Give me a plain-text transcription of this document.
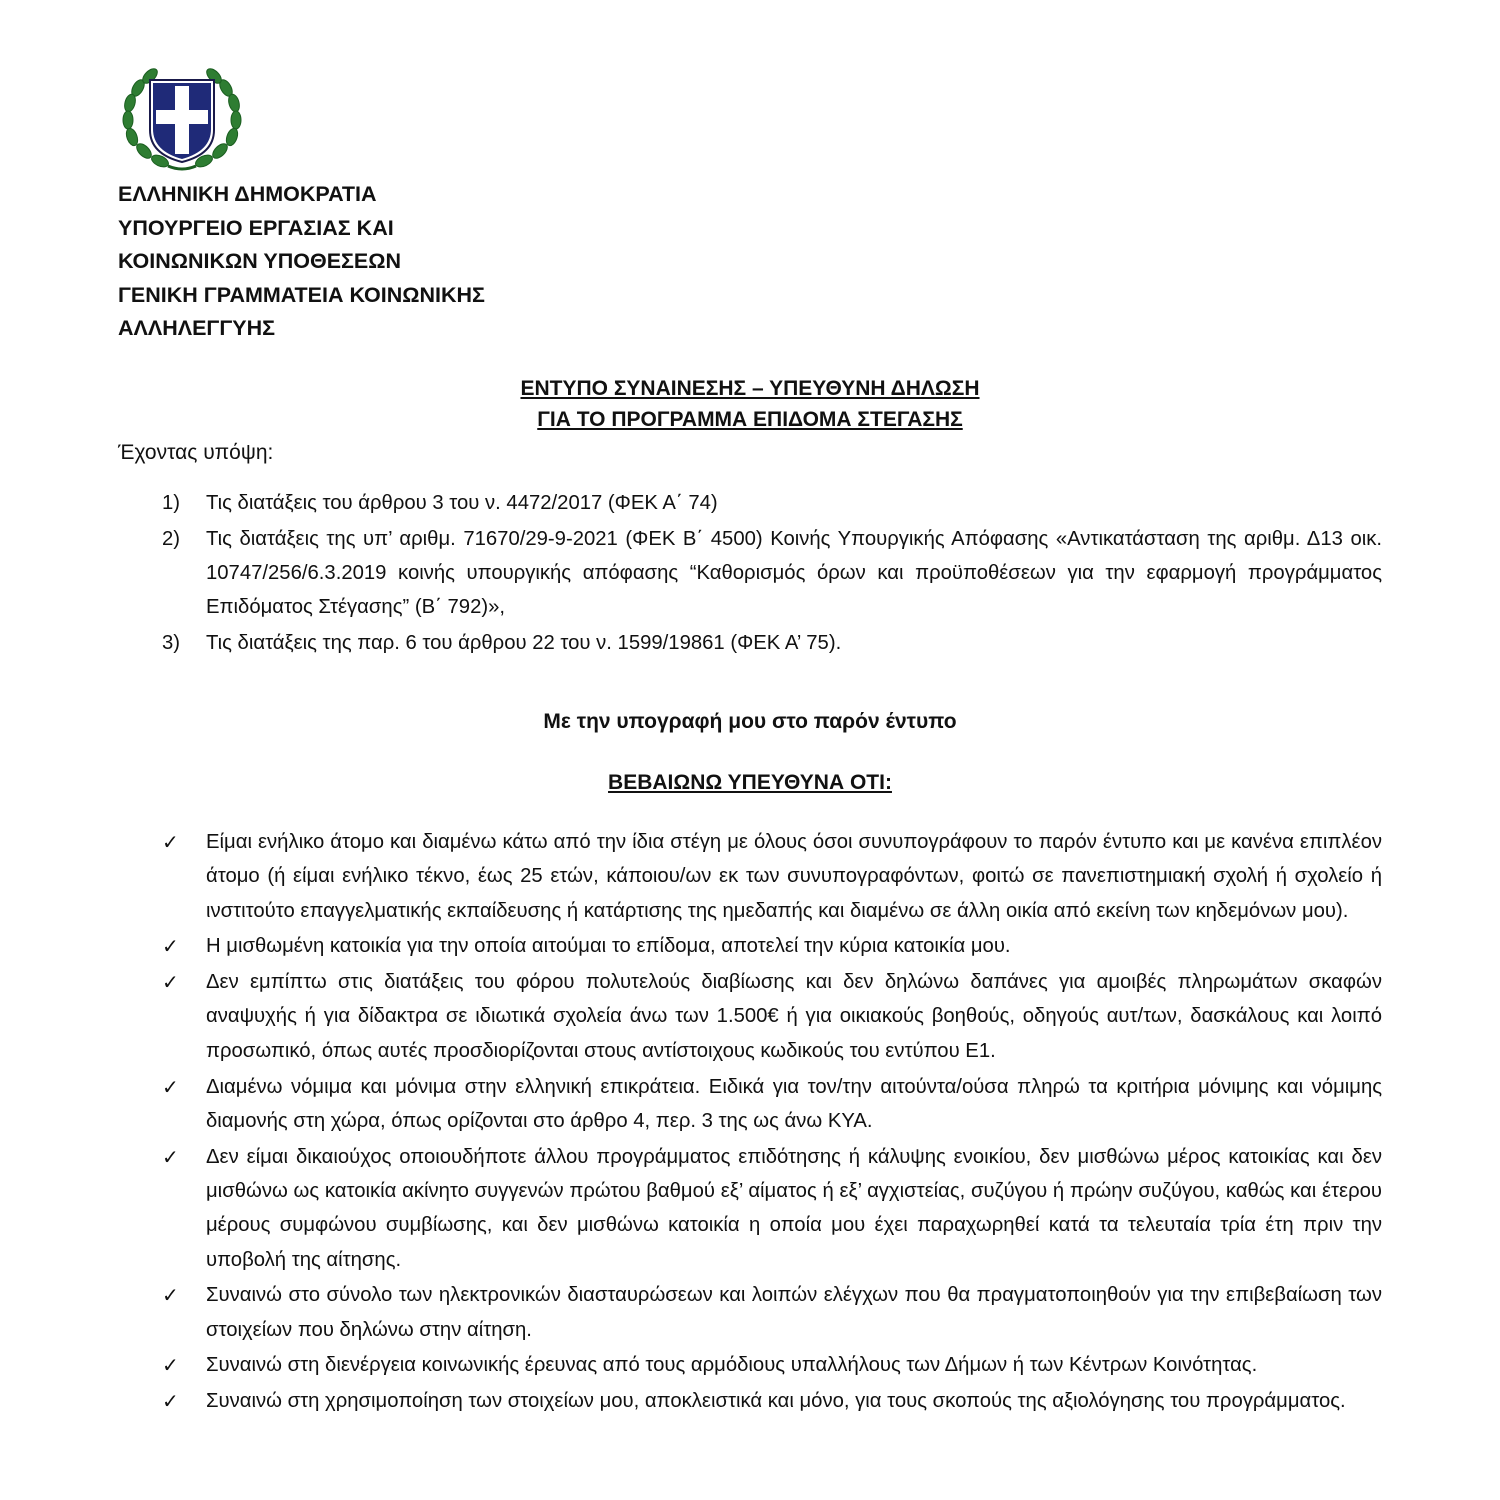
ΕΛΛΗΝΙΚΗ ΔΗΜΟΚΡΑΤΙΑ
ΥΠΟΥΡΓΕΙΟ ΕΡΓΑΣΙΑΣ ΚΑΙ
ΚΟΙΝΩΝΙΚΩΝ ΥΠΟΘΕΣΕΩΝ
ΓΕΝΙΚΗ ΓΡΑΜΜΑΤΕΙΑ ΚΟΙΝΩΝΙΚΗΣ
ΑΛΛΗΛΕΓΓΥΗΣ
ΕΝΤΥΠΟ ΣΥΝΑΙΝΕΣΗΣ – ΥΠΕΥΘΥΝΗ ΔΗΛΩΣΗ
ΓΙΑ ΤΟ ΠΡΟΓΡΑΜΜΑ ΕΠΙΔΟΜΑ ΣΤΕΓΑΣΗΣ
Έχοντας υπόψη:
1)	Τις διατάξεις του άρθρου 3 του ν. 4472/2017 (ΦΕΚ Α΄ 74)
2)	Τις διατάξεις της υπ’ αριθμ. 71670/29-9-2021 (ΦΕΚ Β΄ 4500) Κοινής Υπουργικής Απόφασης «Αντικατάσταση της αριθμ. Δ13 οικ. 10747/256/6.3.2019 κοινής υπουργικής απόφασης “Καθορισμός όρων και προϋποθέσεων για την εφαρμογή προγράμματος Επιδόματος Στέγασης” (Β΄ 792)»,
3)	Τις διατάξεις της παρ. 6 του άρθρου 22 του ν. 1599/19861 (ΦΕΚ Α’ 75).
Με την υπογραφή μου στο παρόν έντυπο
ΒΕΒΑΙΩΝΩ ΥΠΕΥΘΥΝΑ ΟΤΙ:
✓ Είμαι ενήλικο άτομο και διαμένω κάτω από την ίδια στέγη με όλους όσοι συνυπογράφουν το παρόν έντυπο και με κανένα επιπλέον άτομο (ή είμαι ενήλικο τέκνο, έως 25 ετών, κάποιου/ων εκ των συνυπογραφόντων, φοιτώ σε πανεπιστημιακή σχολή ή σχολείο ή ινστιτούτο επαγγελματικής εκπαίδευσης ή κατάρτισης της ημεδαπής και διαμένω σε άλλη οικία από εκείνη των κηδεμόνων μου).
✓ Η μισθωμένη κατοικία για την οποία αιτούμαι το επίδομα, αποτελεί την κύρια κατοικία μου.
✓ Δεν εμπίπτω στις διατάξεις του φόρου πολυτελούς διαβίωσης και δεν δηλώνω δαπάνες για αμοιβές πληρωμάτων σκαφών αναψυχής ή για δίδακτρα σε ιδιωτικά σχολεία άνω των 1.500€ ή για οικιακούς βοηθούς, οδηγούς αυτ/των, δασκάλους και λοιπό προσωπικό, όπως αυτές προσδιορίζονται στους αντίστοιχους κωδικούς του εντύπου Ε1.
✓ Διαμένω νόμιμα και μόνιμα στην ελληνική επικράτεια. Ειδικά για τον/την αιτούντα/ούσα πληρώ τα κριτήρια μόνιμης και νόμιμης διαμονής στη χώρα, όπως ορίζονται στο άρθρο 4, περ. 3 της ως άνω ΚΥΑ.
✓ Δεν είμαι δικαιούχος οποιουδήποτε άλλου προγράμματος επιδότησης ή κάλυψης ενοικίου, δεν μισθώνω μέρος κατοικίας και δεν μισθώνω ως κατοικία ακίνητο συγγενών πρώτου βαθμού εξ’ αίματος ή εξ’ αγχιστείας, συζύγου ή πρώην συζύγου, καθώς και έτερου μέρους συμφώνου συμβίωσης, και δεν μισθώνω κατοικία η οποία μου έχει παραχωρηθεί κατά τα τελευταία τρία έτη πριν την υποβολή της αίτησης.
✓ Συναινώ στο σύνολο των ηλεκτρονικών διασταυρώσεων και λοιπών ελέγχων που θα πραγματοποιηθούν για την επιβεβαίωση των στοιχείων που δηλώνω στην αίτηση.
✓ Συναινώ στη διενέργεια κοινωνικής έρευνας από τους αρμόδιους υπαλλήλους των Δήμων ή των Κέντρων Κοινότητας.
✓ Συναινώ στη χρησιμοποίηση των στοιχείων μου, αποκλειστικά και μόνο, για τους σκοπούς της αξιολόγησης του προγράμματος.
